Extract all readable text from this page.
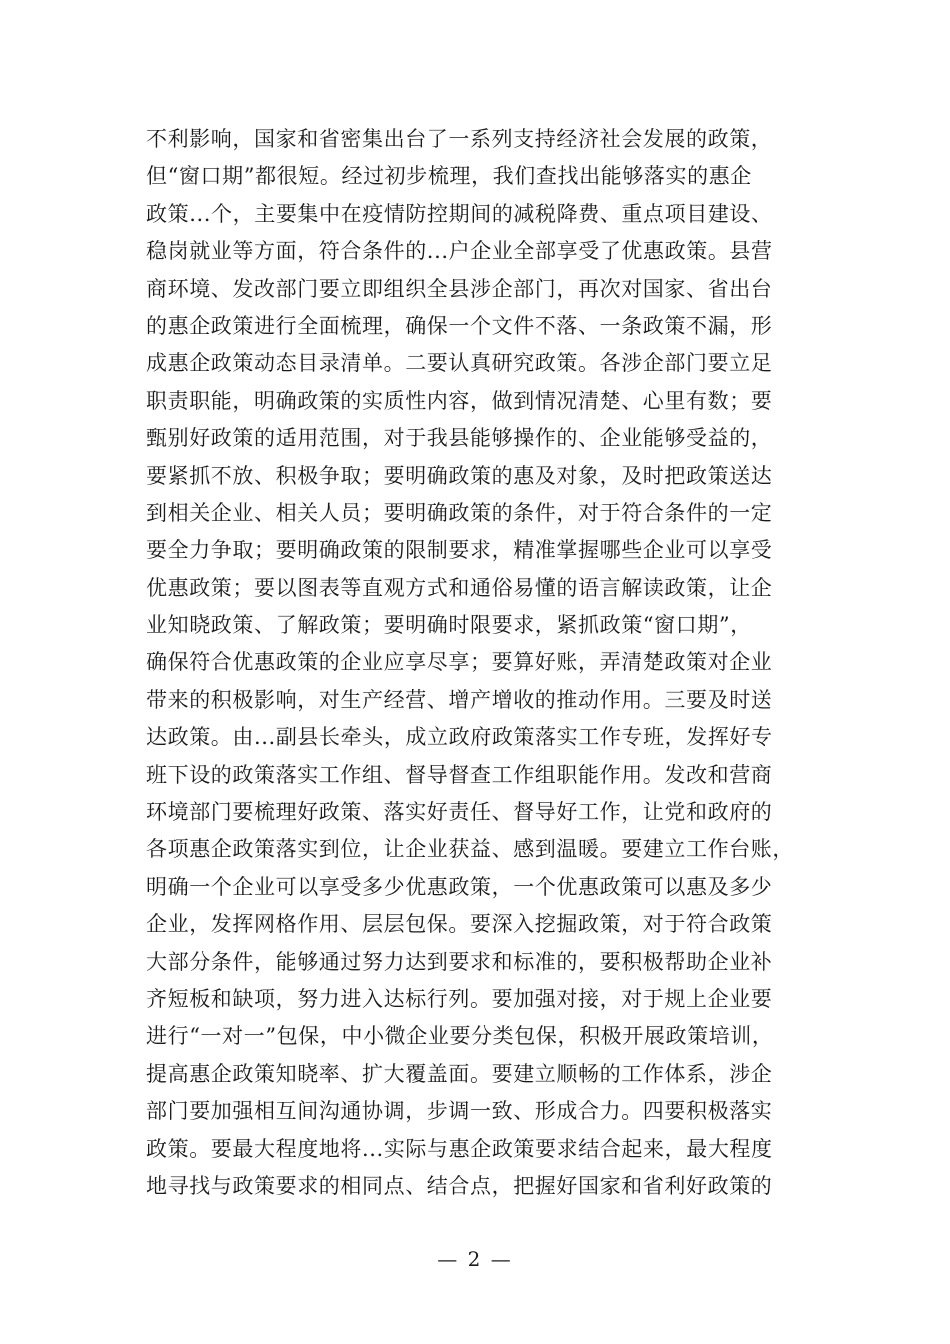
不利影响，国家和省密集出台了一系列支持经济社会发展的政策，
但“窗口期”都很短。经过初步梳理，我们查找出能够落实的惠企
政策...个，主要集中在疫情防控期间的减税降费、重点项目建设、
稳岗就业等方面，符合条件的...户企业全部享受了优惠政策。县营
商环境、发改部门要立即组织全县涉企部门，再次对国家、省出台
的惠企政策进行全面梳理，确保一个文件不落、一条政策不漏，形
成惠企政策动态目录清单。二要认真研究政策。各涉企部门要立足
职责职能，明确政策的实质性内容，做到情况清楚、心里有数；要
甄别好政策的适用范围，对于我县能够操作的、企业能够受益的，
要紧抓不放、积极争取；要明确政策的惠及对象，及时把政策送达
到相关企业、相关人员；要明确政策的条件，对于符合条件的一定
要全力争取；要明确政策的限制要求，精准掌握哪些企业可以享受
优惠政策；要以图表等直观方式和通俗易懂的语言解读政策，让企
业知晓政策、了解政策；要明确时限要求，紧抓政策“窗口期”，
确保符合优惠政策的企业应享尽享；要算好账，弄清楚政策对企业
带来的积极影响，对生产经营、增产增收的推动作用。三要及时送
达政策。由...副县长牵头，成立政府政策落实工作专班，发挥好专
班下设的政策落实工作组、督导督查工作组职能作用。发改和营商
环境部门要梳理好政策、落实好责任、督导好工作，让党和政府的
各项惠企政策落实到位，让企业获益、感到温暖。要建立工作台账，
明确一个企业可以享受多少优惠政策，一个优惠政策可以惠及多少
企业，发挥网格作用、层层包保。要深入挖掘政策，对于符合政策
大部分条件，能够通过努力达到要求和标准的，要积极帮助企业补
齐短板和缺项，努力进入达标行列。要加强对接，对于规上企业要
进行“一对一”包保，中小微企业要分类包保，积极开展政策培训，
提高惠企政策知晓率、扩大覆盖面。要建立顺畅的工作体系，涉企
部门要加强相互间沟通协调，步调一致、形成合力。四要积极落实
政策。要最大程度地将...实际与惠企政策要求结合起来，最大程度
地寻找与政策要求的相同点、结合点，把握好国家和省利好政策的
— 2 —
